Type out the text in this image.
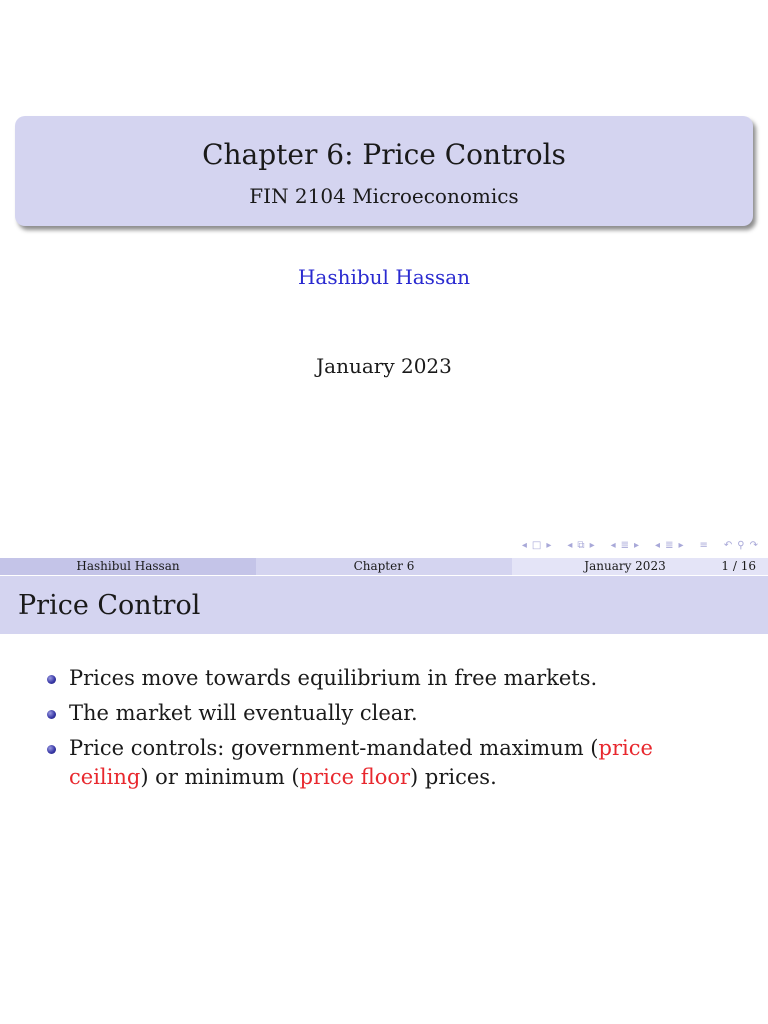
Chapter 6: Price Controls
FIN 2104 Microeconomics
Hashibul Hassan
January 2023
◂ □ ▸ ◂ ⧉ ▸ ◂ ≣ ▸ ◂ ≣ ▸ ≡ ↶ ⚲ ↷
Hashibul Hassan	Chapter 6	January 2023	1 / 16
Price Control
Prices move towards equilibrium in free markets.
The market will eventually clear.
Price controls: government-mandated maximum (price ceiling) or minimum (price floor) prices.
